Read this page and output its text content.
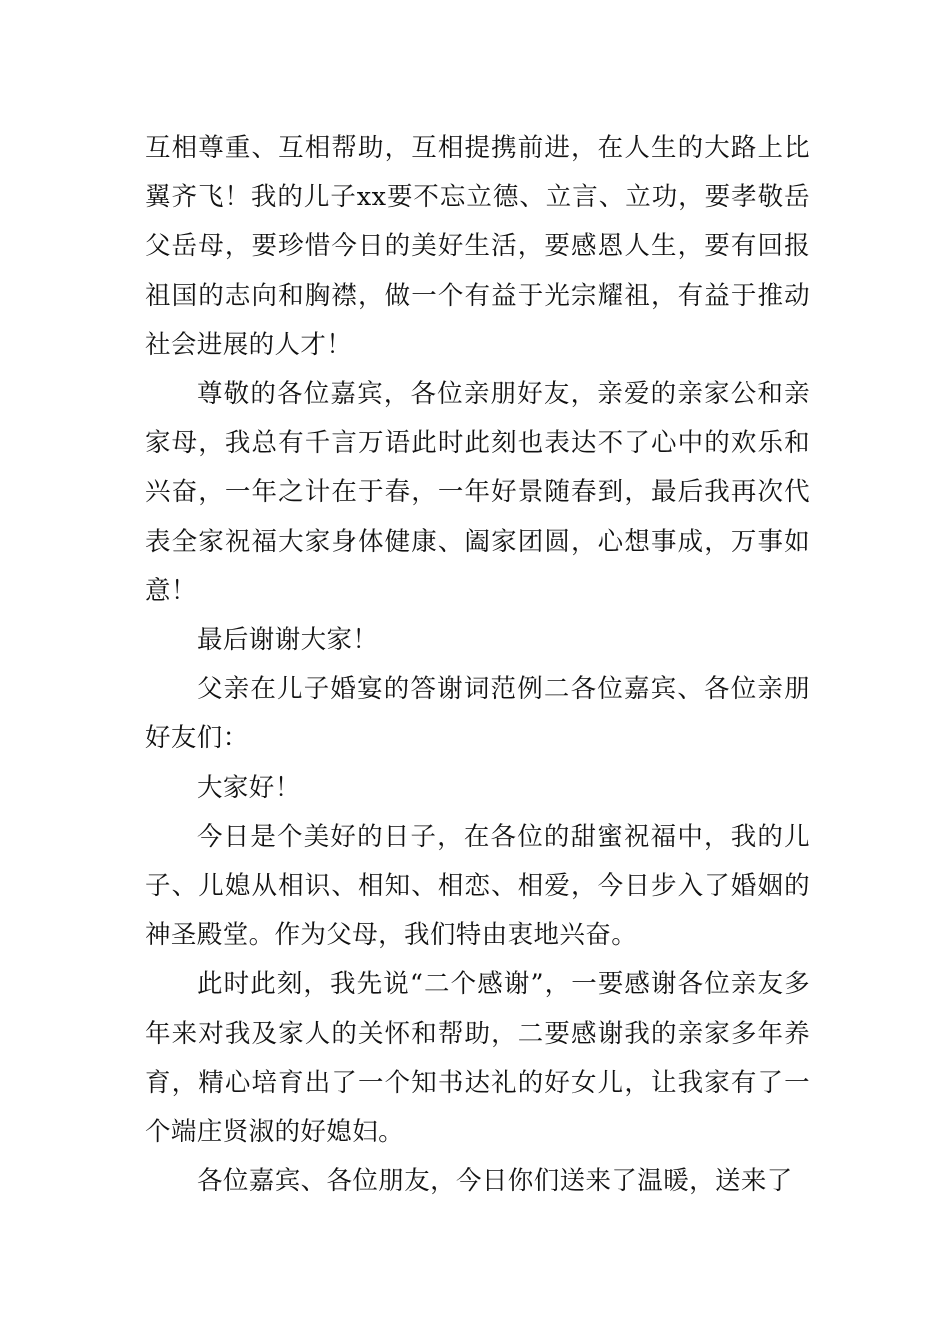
互相尊重、互相帮助，互相提携前进，在人生的大路上比翼齐飞！我的儿子xx要不忘立德、立言、立功，要孝敬岳父岳母，要珍惜今日的美好生活，要感恩人生，要有回报祖国的志向和胸襟，做一个有益于光宗耀祖，有益于推动社会进展的人才！

尊敬的各位嘉宾，各位亲朋好友，亲爱的亲家公和亲家母，我总有千言万语此时此刻也表达不了心中的欢乐和兴奋，一年之计在于春，一年好景随春到，最后我再次代表全家祝福大家身体健康、阖家团圆，心想事成，万事如意！

最后谢谢大家！

父亲在儿子婚宴的答谢词范例二各位嘉宾、各位亲朋好友们：

大家好！

今日是个美好的日子，在各位的甜蜜祝福中，我的儿子、儿媳从相识、相知、相恋、相爱，今日步入了婚姻的神圣殿堂。作为父母，我们特由衷地兴奋。

此时此刻，我先说“二个感谢”，一要感谢各位亲友多年来对我及家人的关怀和帮助，二要感谢我的亲家多年养育，精心培育出了一个知书达礼的好女儿，让我家有了一个端庄贤淑的好媳妇。

各位嘉宾、各位朋友，今日你们送来了温暖，送来了
